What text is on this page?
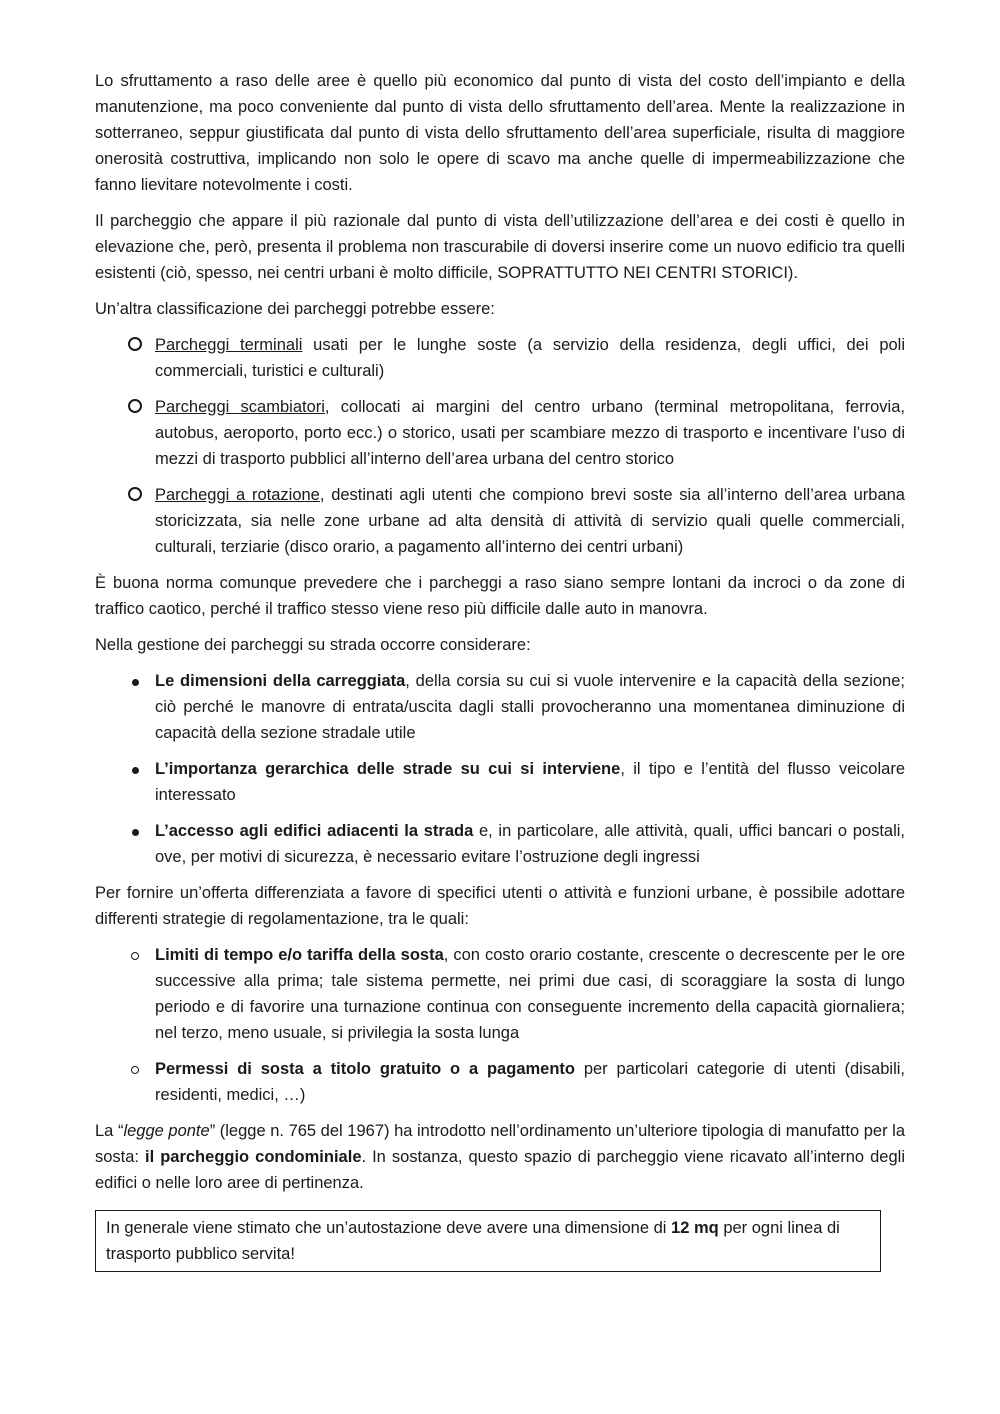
Lo sfruttamento a raso delle aree è quello più economico dal punto di vista del costo dell’impianto e della manutenzione, ma poco conveniente dal punto di vista dello sfruttamento dell’area. Mente la realizzazione in sotterraneo, seppur giustificata dal punto di vista dello sfruttamento dell’area superficiale, risulta di maggiore onerosità costruttiva, implicando non solo le opere di scavo ma anche quelle di impermeabilizzazione che fanno lievitare notevolmente i costi.

Il parcheggio che appare il più razionale dal punto di vista dell’utilizzazione dell’area e dei costi è quello in elevazione che, però, presenta il problema non trascurabile di doversi inserire come un nuovo edificio tra quelli esistenti (ciò, spesso, nei centri urbani è molto difficile, SOPRATTUTTO NEI CENTRI STORICI).

Un’altra classificazione dei parcheggi potrebbe essere:

Parcheggi terminali usati per le lunghe soste (a servizio della residenza, degli uffici, dei poli commerciali, turistici e culturali)
Parcheggi scambiatori, collocati ai margini del centro urbano (terminal metropolitana, ferrovia, autobus, aeroporto, porto ecc.) o storico, usati per scambiare mezzo di trasporto e incentivare l’uso di mezzi di trasporto pubblici all’interno dell’area urbana del centro storico
Parcheggi a rotazione, destinati agli utenti che compiono brevi soste sia all’interno dell’area urbana storicizzata, sia nelle zone urbane ad alta densità di attività di servizio quali quelle commerciali, culturali, terziarie (disco orario, a pagamento all’interno dei centri urbani)

È buona norma comunque prevedere che i parcheggi a raso siano sempre lontani da incroci o da zone di traffico caotico, perché il traffico stesso viene reso più difficile dalle auto in manovra.

Nella gestione dei parcheggi su strada occorre considerare:

Le dimensioni della carreggiata, della corsia su cui si vuole intervenire e la capacità della sezione; ciò perché le manovre di entrata/uscita dagli stalli provocheranno una momentanea diminuzione di capacità della sezione stradale utile
L’importanza gerarchica delle strade su cui si interviene, il tipo e l’entità del flusso veicolare interessato
L’accesso agli edifici adiacenti la strada e, in particolare, alle attività, quali, uffici bancari o postali, ove, per motivi di sicurezza, è necessario evitare l’ostruzione degli ingressi

Per fornire un’offerta differenziata a favore di specifici utenti o attività e funzioni urbane, è possibile adottare differenti strategie di regolamentazione, tra le quali:

Limiti di tempo e/o tariffa della sosta, con costo orario costante, crescente o decrescente per le ore successive alla prima; tale sistema permette, nei primi due casi, di scoraggiare la sosta di lungo periodo e di favorire una turnazione continua con conseguente incremento della capacità giornaliera; nel terzo, meno usuale, si privilegia la sosta lunga
Permessi di sosta a titolo gratuito o a pagamento per particolari categorie di utenti (disabili, residenti, medici, …)

La “legge ponte” (legge n. 765 del 1967) ha introdotto nell’ordinamento un’ulteriore tipologia di manufatto per la sosta: il parcheggio condominiale. In sostanza, questo spazio di parcheggio viene ricavato all’interno degli edifici o nelle loro aree di pertinenza.

In generale viene stimato che un’autostazione deve avere una dimensione di 12 mq per ogni linea di trasporto pubblico servita!
